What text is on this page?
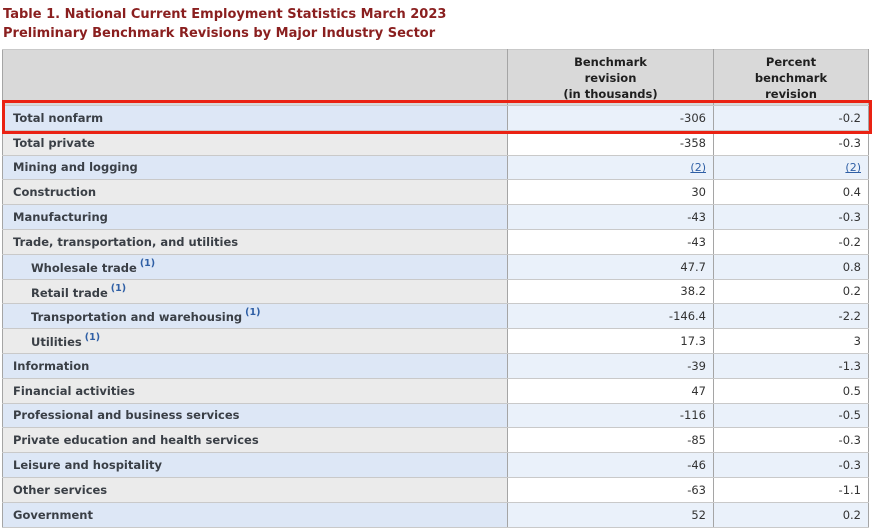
Table 1. National Current Employment Statistics March 2023
Preliminary Benchmark Revisions by Major Industry Sector

	Benchmark
revision
(in thousands)	Percent
benchmark
revision

Total nonfarm	-306	-0.2
Total private	-358	-0.3
Mining and logging	(2)	(2)
Construction	30	0.4
Manufacturing	-43	-0.3
Trade, transportation, and utilities	-43	-0.2
Wholesale trade $^{(1)}$	47.7	0.8
Retail trade $^{(1)}$	38.2	0.2
Transportation and warehousing $^{(1)}$	-146.4	-2.2
Utilities $^{(1)}$	17.3	3
Information	-39	-1.3
Financial activities	47	0.5
Professional and business services	-116	-0.5
Private education and health services	-85	-0.3
Leisure and hospitality	-46	-0.3
Other services	-63	-1.1
Government	52	0.2
